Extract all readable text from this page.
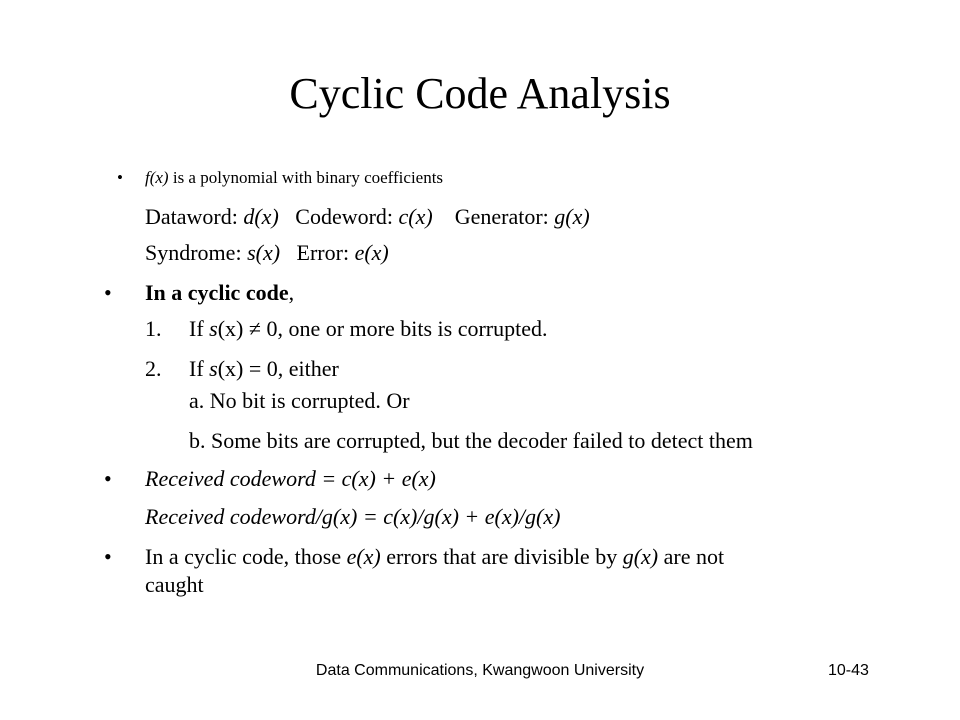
Cyclic Code Analysis
• f(x) is a polynomial with binary coefficients
Dataword: d(x)   Codeword: c(x)    Generator: g(x)
Syndrome: s(x)   Error: e(x)
• In a cyclic code,
1. If s(x) ≠ 0, one or more bits is corrupted.
2. If s(x) = 0, either
a. No bit is corrupted. Or
b. Some bits are corrupted, but the decoder failed to detect them
• Received codeword = c(x) + e(x)
Received codeword/g(x) = c(x)/g(x) + e(x)/g(x)
• In a cyclic code, those e(x) errors that are divisible by g(x) are not
caught
Data Communications, Kwangwoon University	10-43
